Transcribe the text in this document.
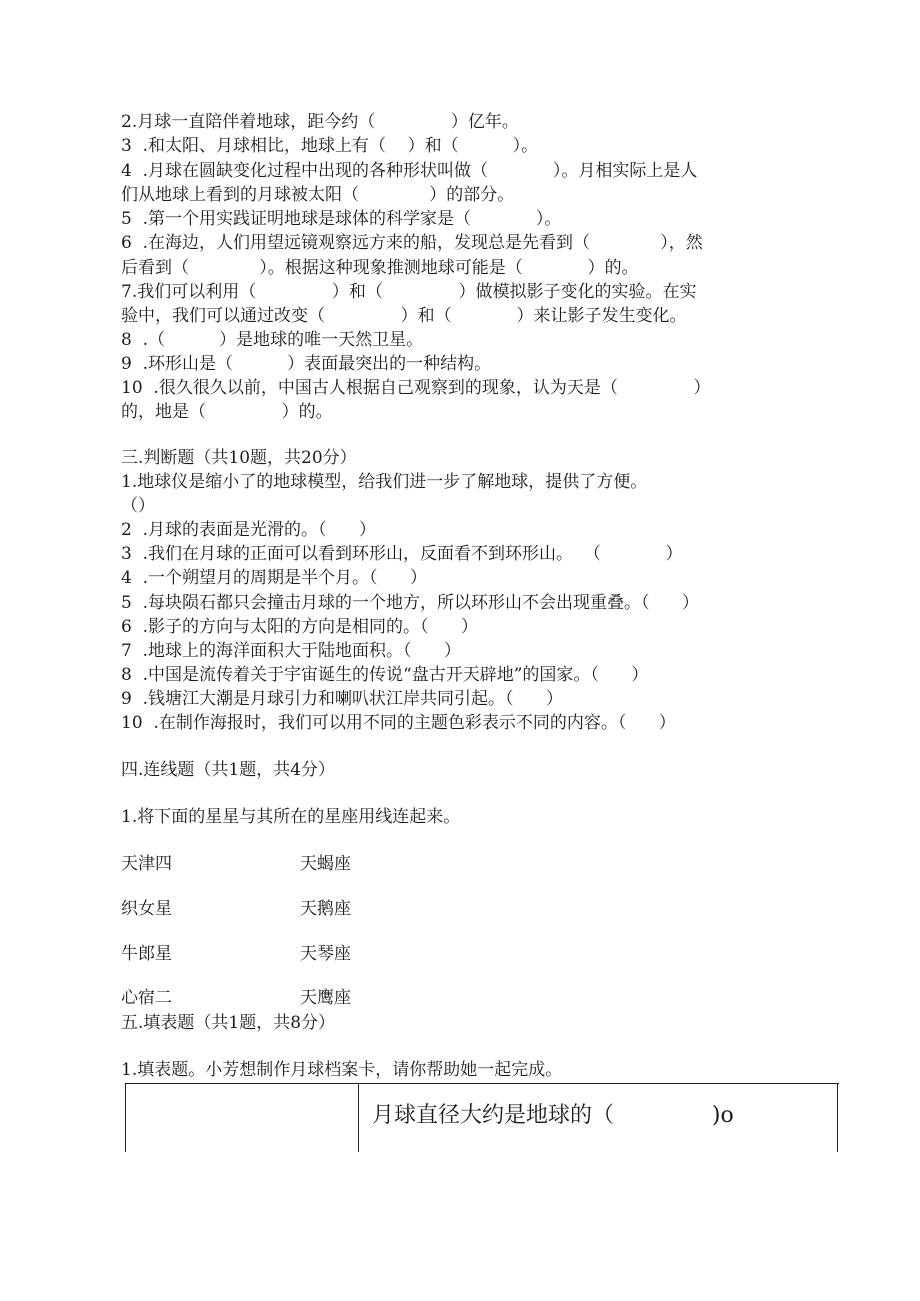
2.月球一直陪伴着地球，距今约（              ）亿年。
3  .和太阳、月球相比，地球上有（    ）和（          ）。
4  .月球在圆缺变化过程中出现的各种形状叫做（            ）。月相实际上是人
们从地球上看到的月球被太阳（             ）的部分。
5  .第一个用实践证明地球是球体的科学家是（            ）。
6  .在海边，人们用望远镜观察远方来的船，发现总是先看到（             ），然
后看到（             ）。根据这种现象推测地球可能是（            ）的。
7.我们可以利用（              ）和（              ）做模拟影子变化的实验。在实
验中，我们可以通过改变（              ）和（            ）来让影子发生变化。
8  .（          ）是地球的唯一天然卫星。
9  .环形山是（          ）表面最突出的一种结构。
10  .很久很久以前，中国古人根据自己观察到的现象，认为天是（              ）
的，地是（              ）的。
三.判断题（共10题，共20分）
1.地球仪是缩小了的地球模型，给我们进一步了解地球，提供了方便。
（）
2  .月球的表面是光滑的。（      ）
3  .我们在月球的正面可以看到环形山，反面看不到环形山。  （            ）
4  .一个朔望月的周期是半个月。（      ）
5  .每块陨石都只会撞击月球的一个地方，所以环形山不会出现重叠。（      ）
6  .影子的方向与太阳的方向是相同的。（      ）
7  .地球上的海洋面积大于陆地面积。（      ）
8  .中国是流传着关于宇宙诞生的传说“盘古开天辟地”的国家。（      ）
9  .钱塘江大潮是月球引力和喇叭状江岸共同引起。（      ）
10  .在制作海报时，我们可以用不同的主题色彩表示不同的内容。（      ）
四.连线题（共1题，共4分）
1.将下面的星星与其所在的星座用线连起来。
天津四	天蝎座
织女星	天鹅座
牛郎星	天琴座
心宿二	天鹰座
五.填表题（共1题，共8分）
1.填表题。小芳想制作月球档案卡，请你帮助她一起完成。
月球直径大约是地球的（              )o
